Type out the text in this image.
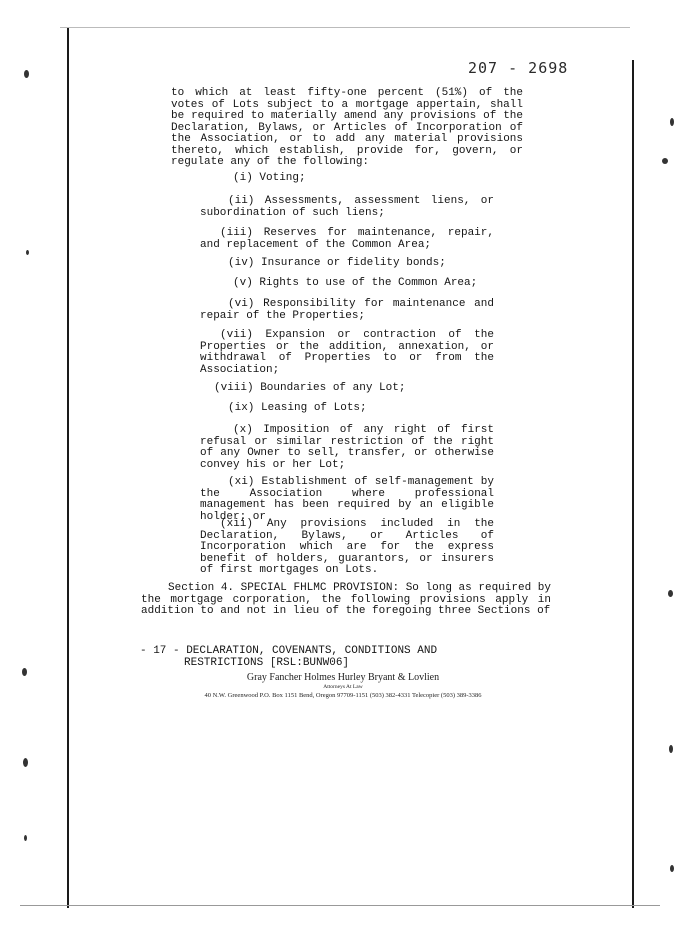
207 - 2698
to which at least fifty-one percent (51%) of the votes of Lots subject to a mortgage appertain, shall be required to materially amend any provisions of the Declaration, Bylaws, or Articles of Incorporation of the Association, or to add any material provisions thereto, which establish, provide for, govern, or regulate any of the following:
(i) Voting;
(ii) Assessments, assessment liens, or subordination of such liens;
(iii) Reserves for maintenance, repair, and replacement of the Common Area;
(iv) Insurance or fidelity bonds;
(v) Rights to use of the Common Area;
(vi) Responsibility for maintenance and repair of the Properties;
(vii) Expansion or contraction of the Properties or the addition, annexation, or withdrawal of Properties to or from the Association;
(viii) Boundaries of any Lot;
(ix) Leasing of Lots;
(x) Imposition of any right of first refusal or similar restriction of the right of any Owner to sell, transfer, or otherwise convey his or her Lot;
(xi) Establishment of self-management by the Association where professional management has been required by an eligible holder; or
(xii) Any provisions included in the Declaration, Bylaws, or Articles of Incorporation which are for the express benefit of holders, guarantors, or insurers of first mortgages on Lots.
Section 4. SPECIAL FHLMC PROVISION: So long as required by the mortgage corporation, the following provisions apply in addition to and not in lieu of the foregoing three Sections of
- 17 - DECLARATION, COVENANTS, CONDITIONS AND
RESTRICTIONS [RSL:BUNW06]
Gray Fancher Holmes Hurley Bryant & Lovlien
Attorneys At Law
40 N.W. Greenwood P.O. Box 1151 Bend, Oregon 97709-1151 (503) 382-4331 Telecopier (503) 389-3386
